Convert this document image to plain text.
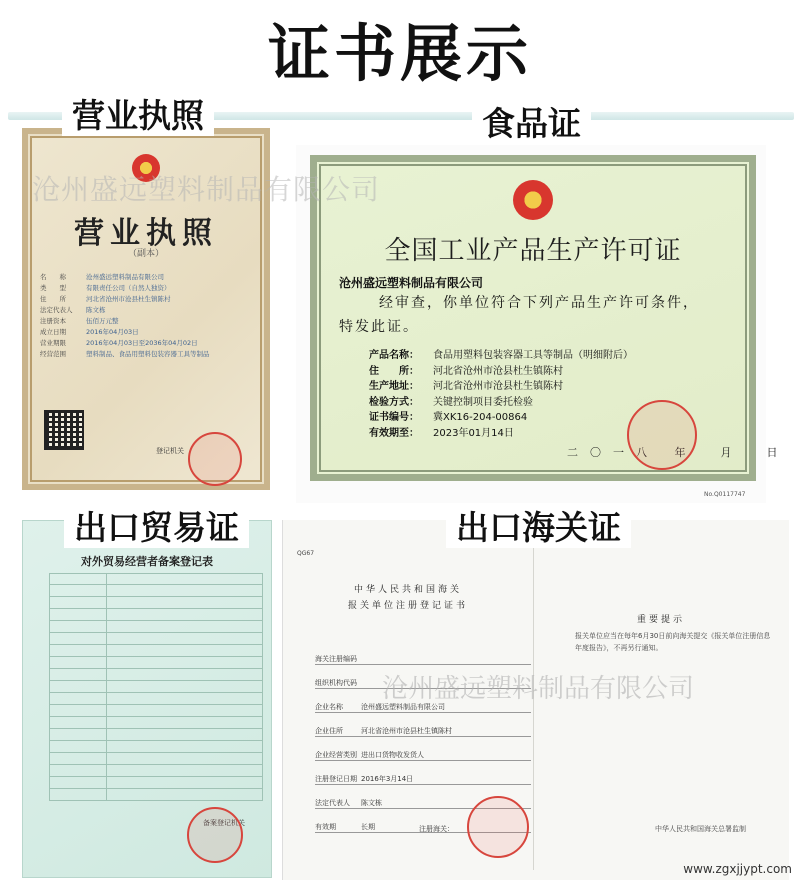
证书展示
营业执照
（副本）
名　　称	沧州盛远塑料制品有限公司
类　　型	有限责任公司（自然人独资）
住　　所	河北省沧州市沧县杜生镇陈村
法定代表人	陈文栋
注册资本	伍佰万元整
成立日期	2016年04月03日
营业期限	2016年04月03日至2036年04月02日
经营范围	塑料制品、食品用塑料包装容器工具等制品
登记机关
营业执照
全国工业产品生产许可证
沧州盛远塑料制品有限公司
经审查，你单位符合下列产品生产许可条件，
特发此证。
产品名称：	食品用塑料包装容器工具等制品（明细附后）
住　　所：	河北省沧州市沧县杜生镇陈村
生产地址：	河北省沧州市沧县杜生镇陈村
检验方式：	关键控制项目委托检验
证书编号：	冀XK16-204-00864
有效期至：	2023年01月14日
二〇一八 年　月　日
No.Q0117747
食品证
对外贸易经营者备案登记表
备案登记机关
出口贸易证
QG67
中华人民共和国海关
报关单位注册登记证书
海关注册编码
组织机构代码
企业名称	沧州盛远塑料制品有限公司
企业住所	河北省沧州市沧县杜生镇陈村
企业经营类别 进出口货物收发货人
注册登记日期 2016年3月14日
法定代表人	陈文栋
有效期	长期	注册海关：
重要提示
报关单位应当在每年6月30日前向海关提交《报关单位注册信息年度报告》，不再另行通知。
中华人民共和国海关总署监制
出口海关证
沧州盛远塑料制品有限公司
沧州盛远塑料制品有限公司
www.zgxjjypt.com
